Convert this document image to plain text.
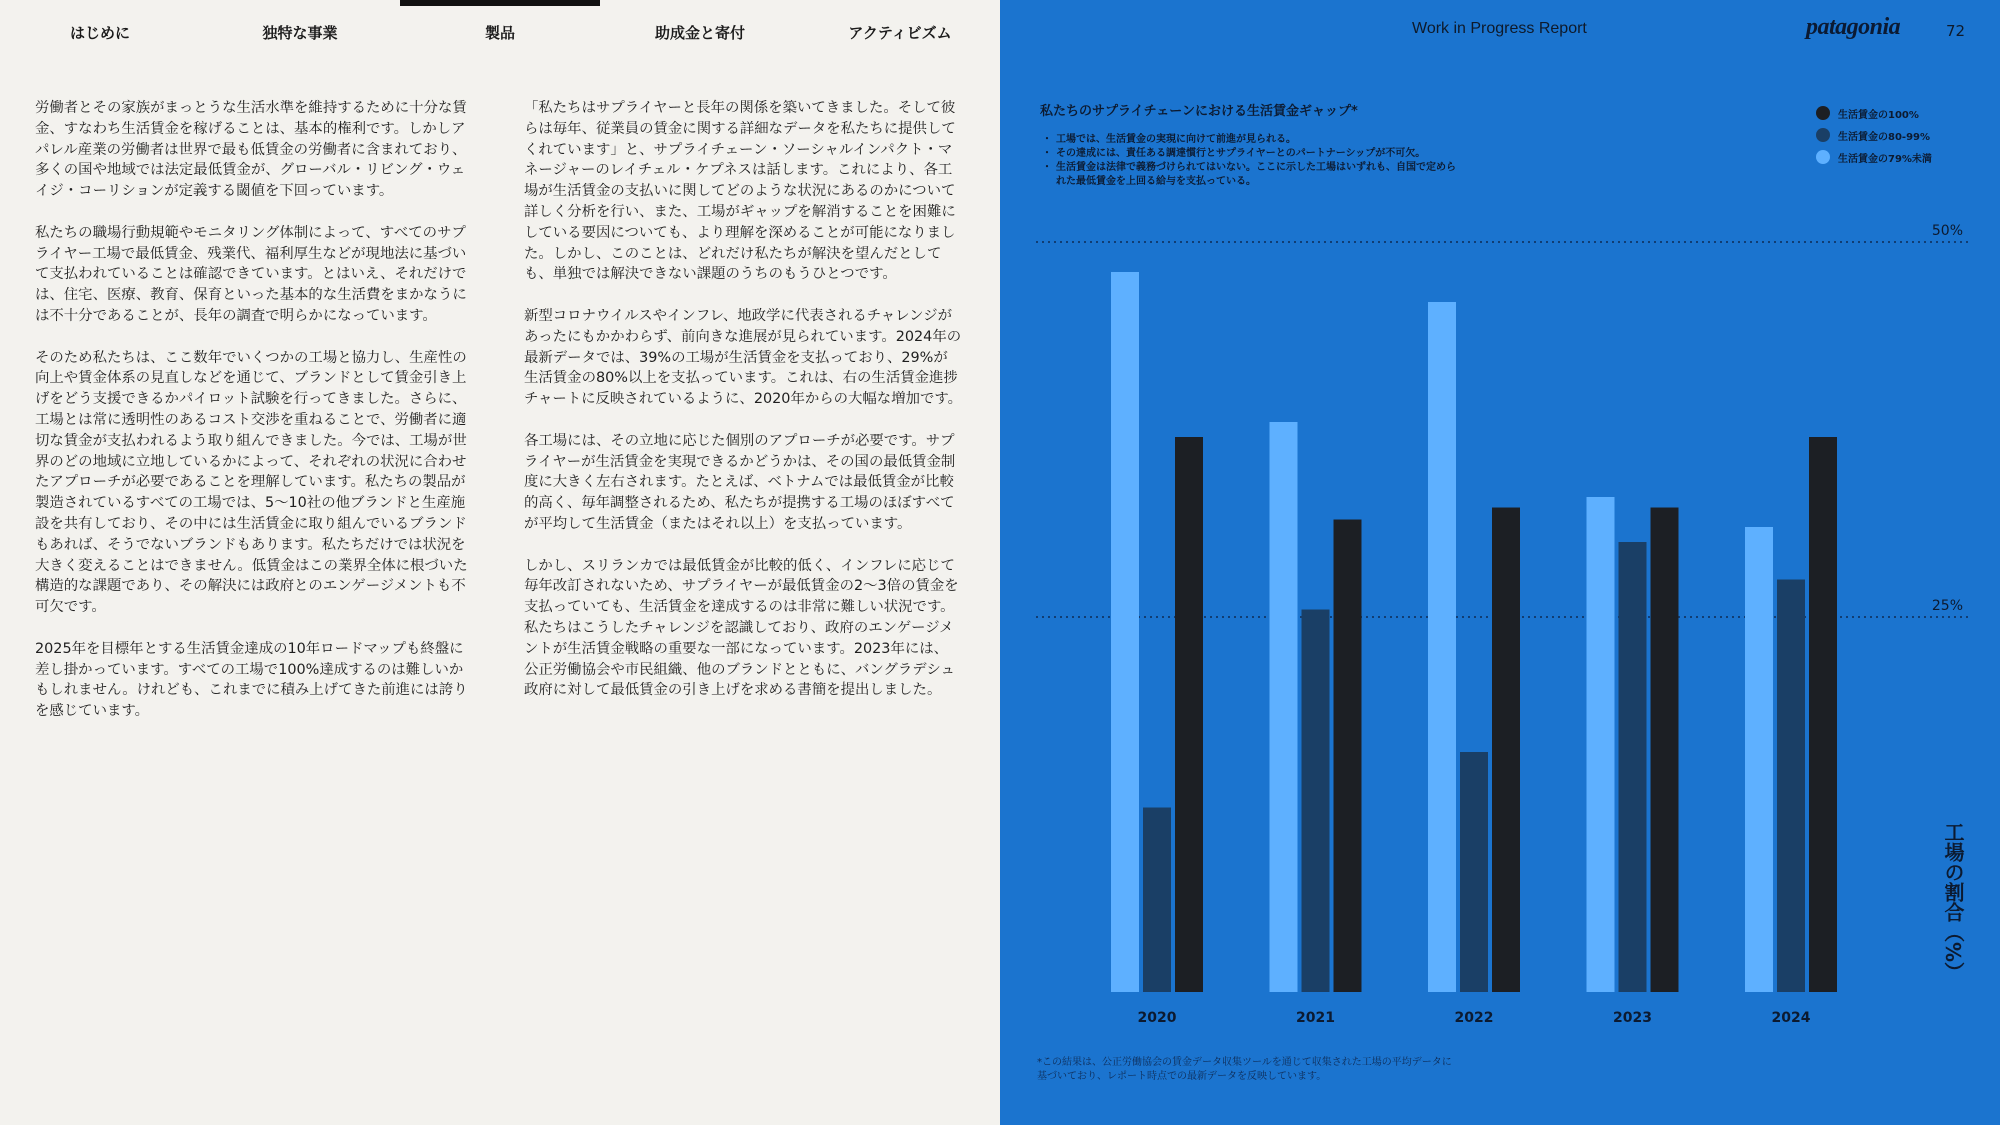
はじめに	独特な事業	製品	助成金と寄付	アクティビズム

労働者とその家族がまっとうな生活水準を維持するために十分な賃金、すなわち生活賃金を稼げることは、基本的権利です。しかしアパレル産業の労働者は世界で最も低賃金の労働者に含まれており、多くの国や地域では法定最低賃金が、グローバル・リビング・ウェイジ・コーリションが定義する閾値を下回っています。

私たちの職場行動規範やモニタリング体制によって、すべてのサプライヤー工場で最低賃金、残業代、福利厚生などが現地法に基づいて支払われていることは確認できています。とはいえ、それだけでは、住宅、医療、教育、保育といった基本的な生活費をまかなうには不十分であることが、長年の調査で明らかになっています。

そのため私たちは、ここ数年でいくつかの工場と協力し、生産性の向上や賃金体系の見直しなどを通じて、ブランドとして賃金引き上げをどう支援できるかパイロット試験を行ってきました。さらに、工場とは常に透明性のあるコスト交渉を重ねることで、労働者に適切な賃金が支払われるよう取り組んできました。今では、工場が世界のどの地域に立地しているかによって、それぞれの状況に合わせたアプローチが必要であることを理解しています。私たちの製品が製造されているすべての工場では、5〜10社の他ブランドと生産施設を共有しており、その中には生活賃金に取り組んでいるブランドもあれば、そうでないブランドもあります。私たちだけでは状況を大きく変えることはできません。低賃金はこの業界全体に根づいた構造的な課題であり、その解決には政府とのエンゲージメントも不可欠です。

2025年を目標年とする生活賃金達成の10年ロードマップも終盤に差し掛かっています。すべての工場で100%達成するのは難しいかもしれません。けれども、これまでに積み上げてきた前進には誇りを感じています。

「私たちはサプライヤーと長年の関係を築いてきました。そして彼らは毎年、従業員の賃金に関する詳細なデータを私たちに提供してくれています」と、サプライチェーン・ソーシャルインパクト・マネージャーのレイチェル・ケプネスは話します。これにより、各工場が生活賃金の支払いに関してどのような状況にあるのかについて詳しく分析を行い、また、工場がギャップを解消することを困難にしている要因についても、より理解を深めることが可能になりました。しかし、このことは、どれだけ私たちが解決を望んだとしても、単独では解決できない課題のうちのもうひとつです。

新型コロナウイルスやインフレ、地政学に代表されるチャレンジがあったにもかかわらず、前向きな進展が見られています。2024年の最新データでは、39%の工場が生活賃金を支払っており、29%が生活賃金の80%以上を支払っています。これは、右の生活賃金進捗チャートに反映されているように、2020年からの大幅な増加です。

各工場には、その立地に応じた個別のアプローチが必要です。サプライヤーが生活賃金を実現できるかどうかは、その国の最低賃金制度に大きく左右されます。たとえば、ベトナムでは最低賃金が比較的高く、毎年調整されるため、私たちが提携する工場のほぼすべてが平均して生活賃金（またはそれ以上）を支払っています。

しかし、スリランカでは最低賃金が比較的低く、インフレに応じて毎年改訂されないため、サプライヤーが最低賃金の2〜3倍の賃金を支払っていても、生活賃金を達成するのは非常に難しい状況です。私たちはこうしたチャレンジを認識しており、政府のエンゲージメントが生活賃金戦略の重要な一部になっています。2023年には、公正労働協会や市民組織、他のブランドとともに、バングラデシュ政府に対して最低賃金の引き上げを求める書簡を提出しました。

Work in Progress Report	patagonia	72
私たちのサプライチェーンにおける生活賃金ギャップ*
・ 工場では、生活賃金の実現に向けて前進が見られる。
・ その達成には、責任ある調達慣行とサプライヤーとのパートナーシップが不可欠。
・ 生活賃金は法律で義務づけられてはいない。ここに示した工場はいずれも、自国で定められた最低賃金を上回る給与を支払っている。
生活賃金の100%
生活賃金の80-99%
生活賃金の79%未満
25%
50%
2020	2021	2022	2023	2024
工場の割合（%）
*この結果は、公正労働協会の賃金データ収集ツールを通じて収集された工場の平均データに基づいており、レポート時点での最新データを反映しています。
